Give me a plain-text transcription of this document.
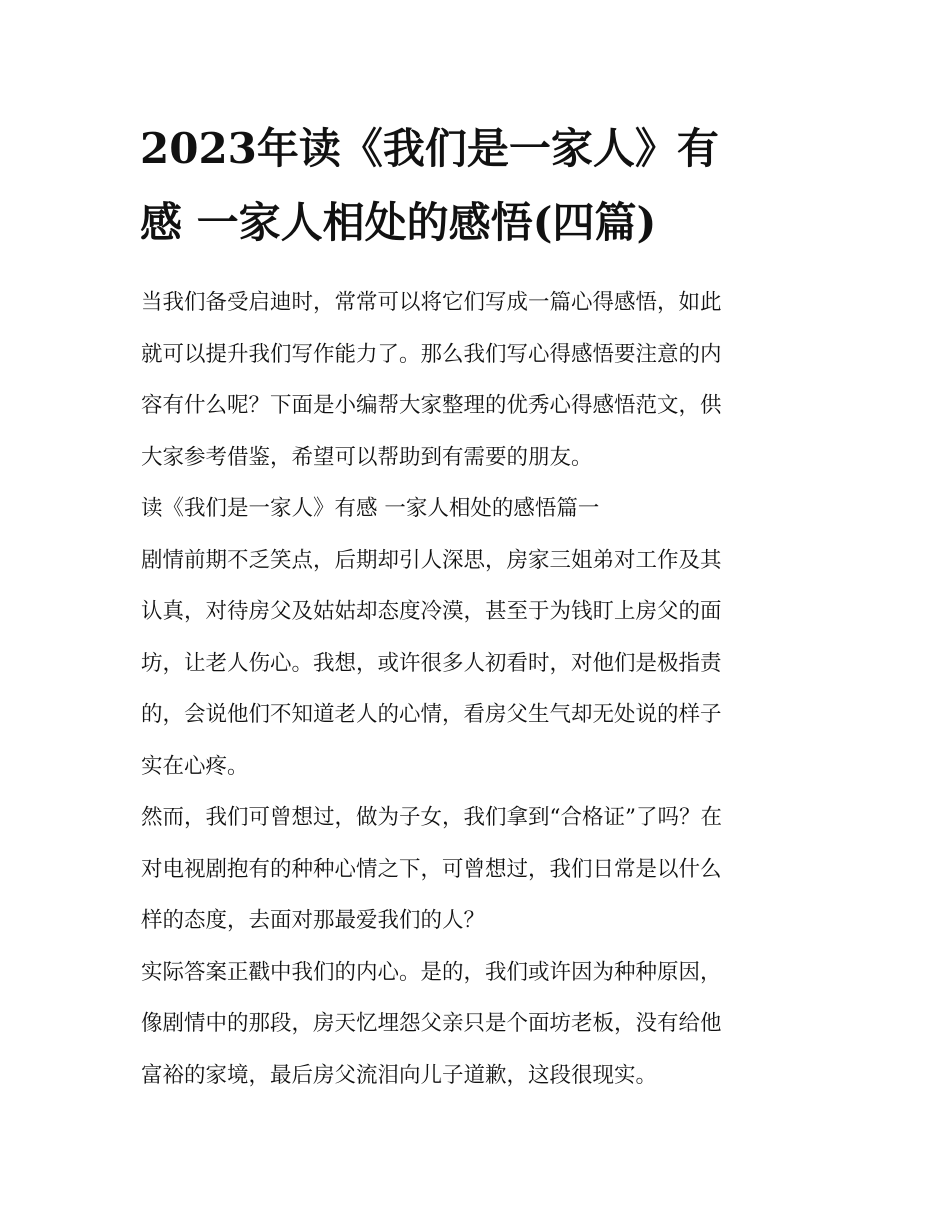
2023年读《我们是一家人》有
感 一家人相处的感悟(四篇)

当我们备受启迪时，常常可以将它们写成一篇心得感悟，如此
就可以提升我们写作能力了。那么我们写心得感悟要注意的内
容有什么呢？下面是小编帮大家整理的优秀心得感悟范文，供
大家参考借鉴，希望可以帮助到有需要的朋友。

读《我们是一家人》有感 一家人相处的感悟篇一

剧情前期不乏笑点，后期却引人深思，房家三姐弟对工作及其
认真，对待房父及姑姑却态度冷漠，甚至于为钱盯上房父的面
坊，让老人伤心。我想，或许很多人初看时，对他们是极指责
的，会说他们不知道老人的心情，看房父生气却无处说的样子
实在心疼。

然而，我们可曾想过，做为子女，我们拿到“合格证”了吗？在
对电视剧抱有的种种心情之下，可曾想过，我们日常是以什么
样的态度，去面对那最爱我们的人？

实际答案正戳中我们的内心。是的，我们或许因为种种原因，
像剧情中的那段，房天忆埋怨父亲只是个面坊老板，没有给他
富裕的家境，最后房父流泪向儿子道歉，这段很现实。
